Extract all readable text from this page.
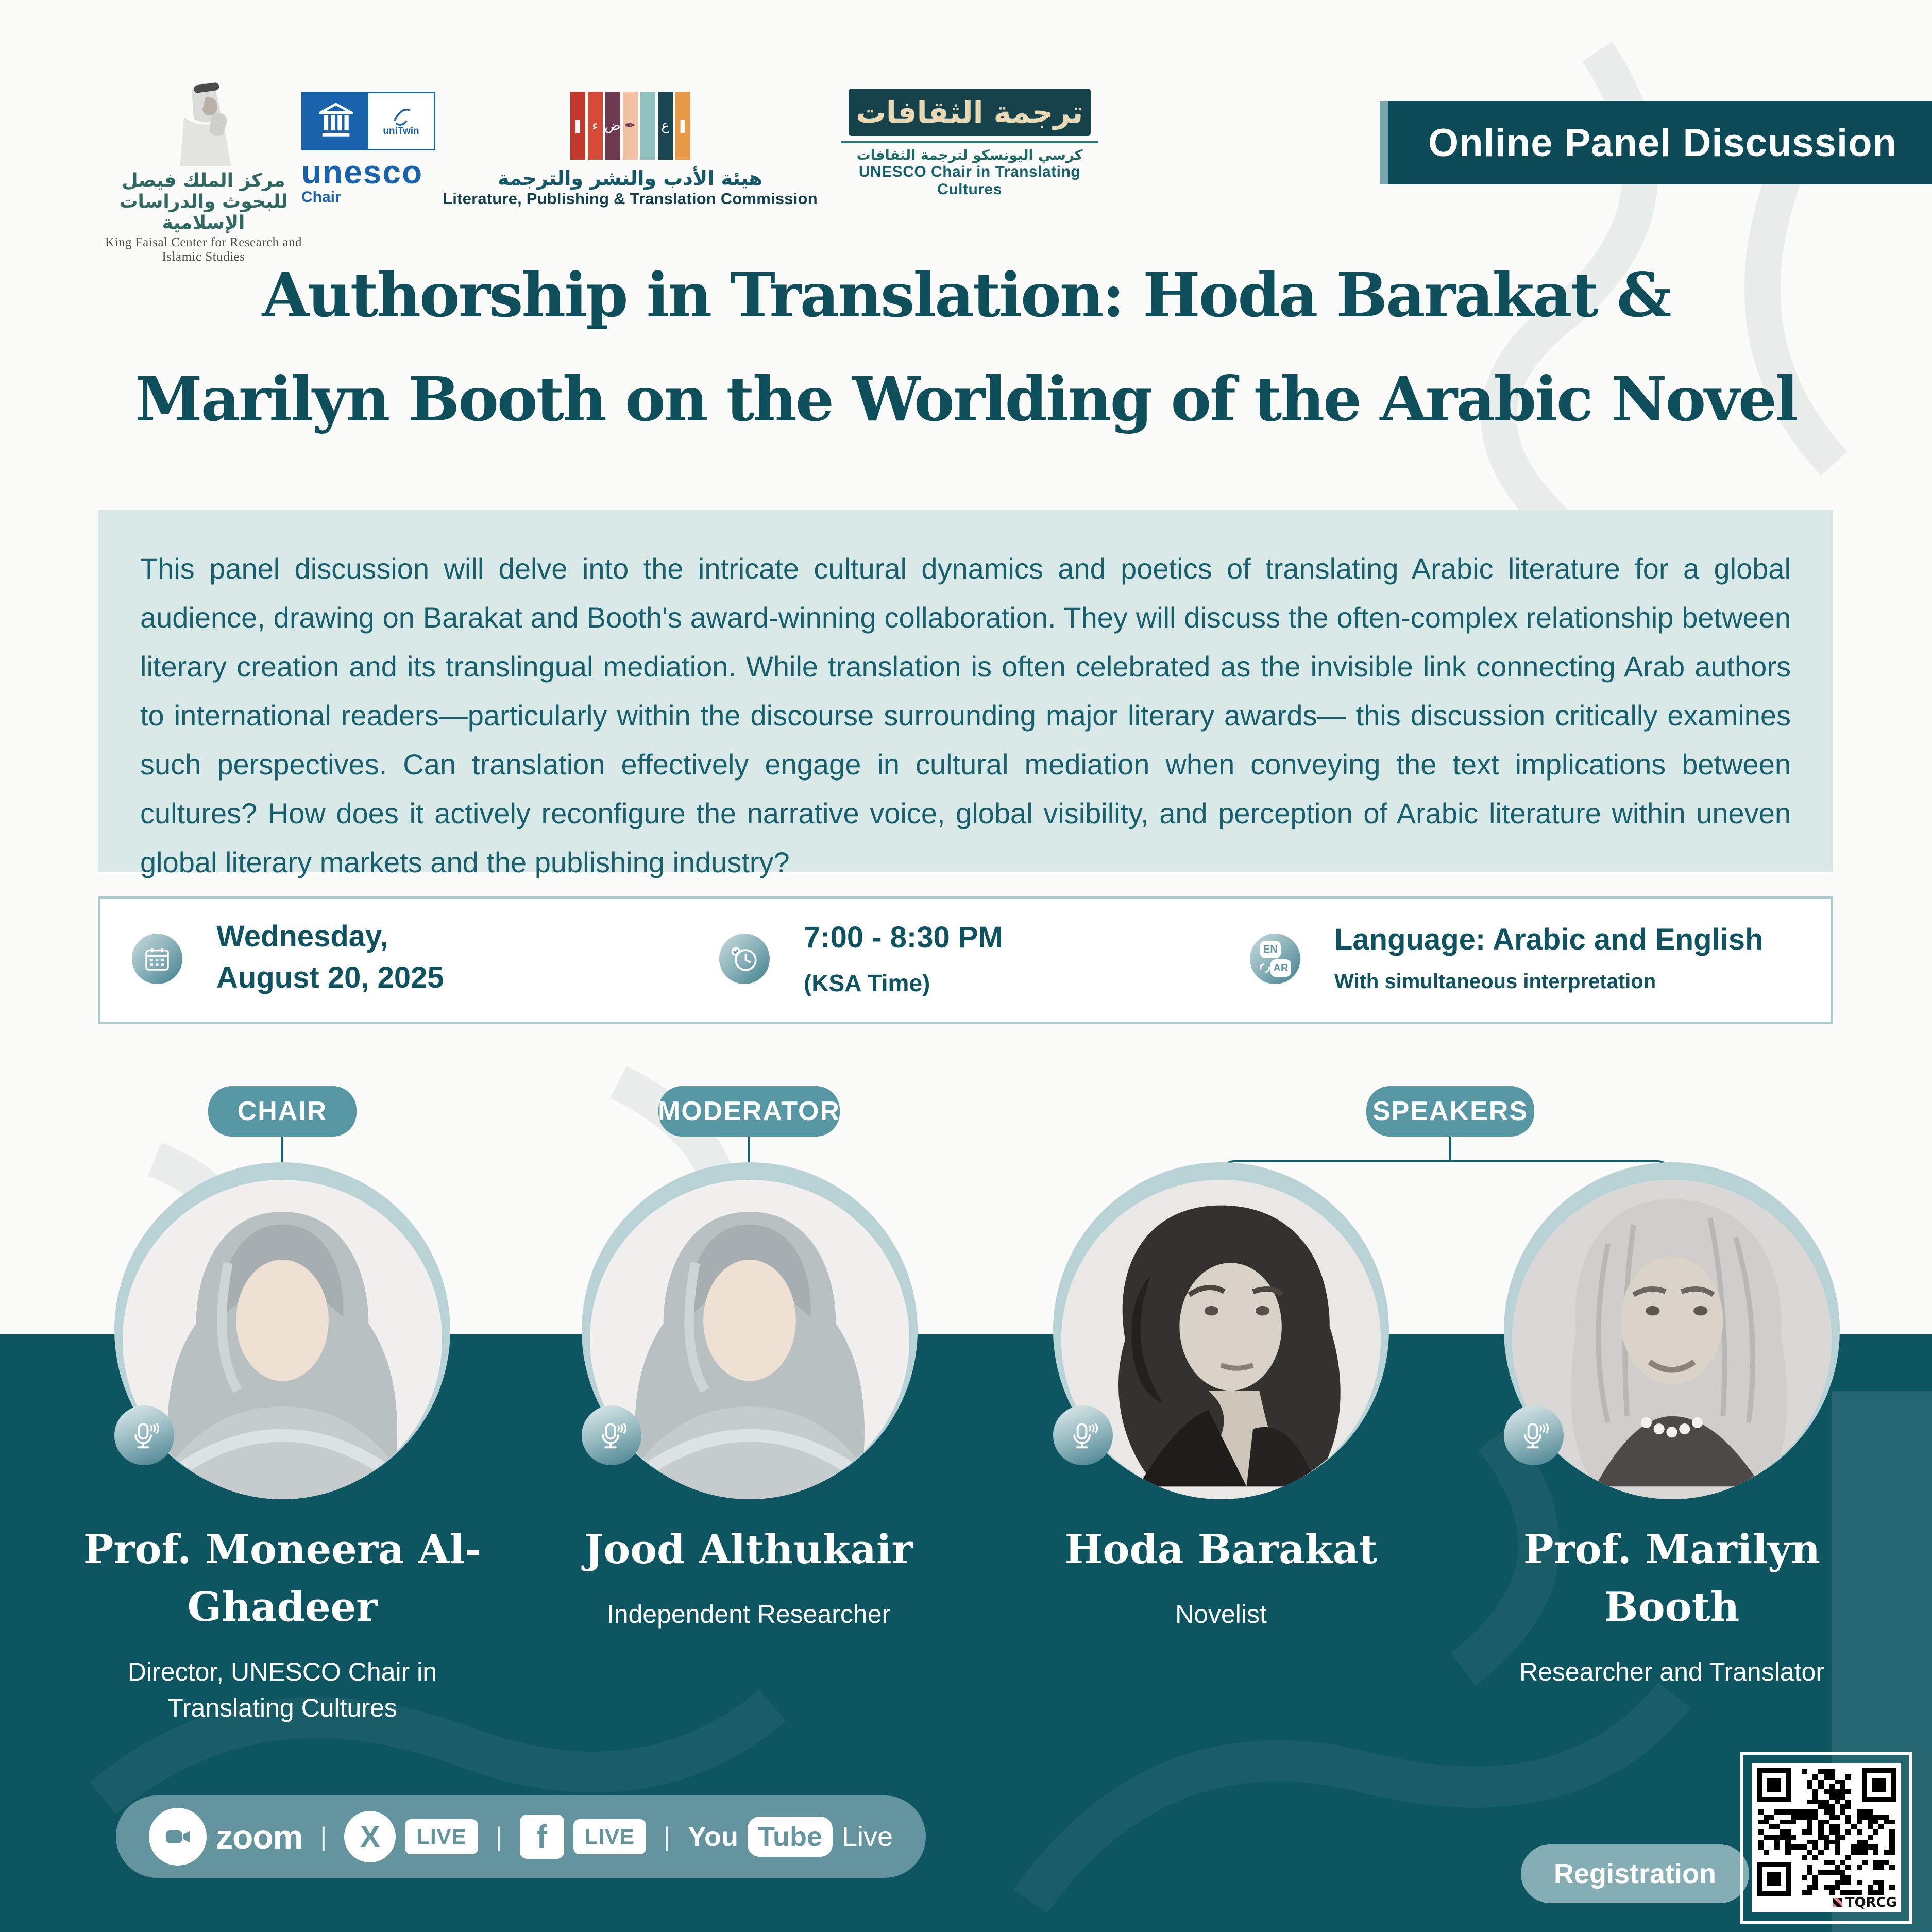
مركز الملك فيصل للبحوث والدراسات الإسلامية
King Faisal Center for Research and Islamic Studies
uniTwin
unesco
Chair
❚ ء ض ✒ ع ❚
هيئة الأدب والنشر والترجمة
Literature, Publishing & Translation Commission
ترجمة الثقافات
كرسي اليونسكو لترجمة الثقافات
UNESCO Chair in Translating Cultures
Online Panel Discussion
Authorship in Translation: Hoda Barakat &
Marilyn Booth on the Worlding of the Arabic Novel
This panel discussion will delve into the intricate cultural dynamics and poetics of translating Arabic literature for a global audience, drawing on Barakat and Booth's award-winning collaboration. They will discuss the often-complex relationship between literary creation and its translingual mediation. While translation is often celebrated as the invisible link connecting Arab authors to international readers—particularly within the discourse surrounding major literary awards— this discussion critically examines such perspectives. Can translation effectively engage in cultural mediation when conveying the text implications between cultures? How does it actively reconfigure the narrative voice, global visibility, and perception of Arabic literature within uneven global literary markets and the publishing industry?
Wednesday,
August 20, 2025
7:00 - 8:30 PM
(KSA Time)
EN
AR
Language: Arabic and English
With simultaneous interpretation
CHAIR	MODERATOR	SPEAKERS
Prof. Moneera Al-Ghadeer
Director, UNESCO Chair in Translating Cultures
Jood Althukair
Independent Researcher
Hoda Barakat
Novelist
Prof. Marilyn Booth
Researcher and Translator
zoom | X	LIVE	| f	LIVE	| You Tube Live
Registration
TQRCG
